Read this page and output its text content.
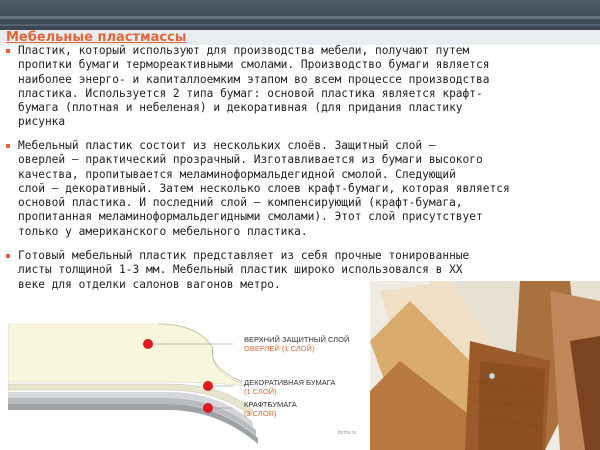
Мебельные пластмассы
Пластик, который используют для производства мебели, получают путем
пропитки бумаги термореактивными смолами. Производство бумаги является
наиболее энерго- и капиталлоемким этапом во всем процессе производства
пластика. Используется 2 типа бумаг: основой пластика является крафт-
бумага (плотная и небеленая) и декоративная (для придания пластику
рисунка
Мебельный пластик состоит из нескольких слоёв. Защитный слой —
оверлей — практический прозрачный. Изготавливается из бумаги высокого
качества, пропитывается меламиноформальдегидной смолой. Следующий
слой — декоративный. Затем несколько слоев крафт-бумаги, которая является
основой пластика. И последний слой — компенсирующий (крафт-бумага,
пропитанная меламиноформальдегидными смолами). Этот слой присутствует
только у американского мебельного пластика.
Готовый мебельный пластик представляет из себя прочные тонированные
листы толщиной 1-3 мм. Мебельный пластик широко использовался в XX
веке для отделки салонов вагонов метро.
ВЕРХНИЙ ЗАЩИТНЫЙ СЛОЙ
ОВЕРЛЕЙ (1 СЛОЙ)
ДЕКОРАТИВНАЯ БУМАГА
(1 СЛОЙ)
КРАФТБУМАГА
(3 СЛОЯ)
forms.ru
